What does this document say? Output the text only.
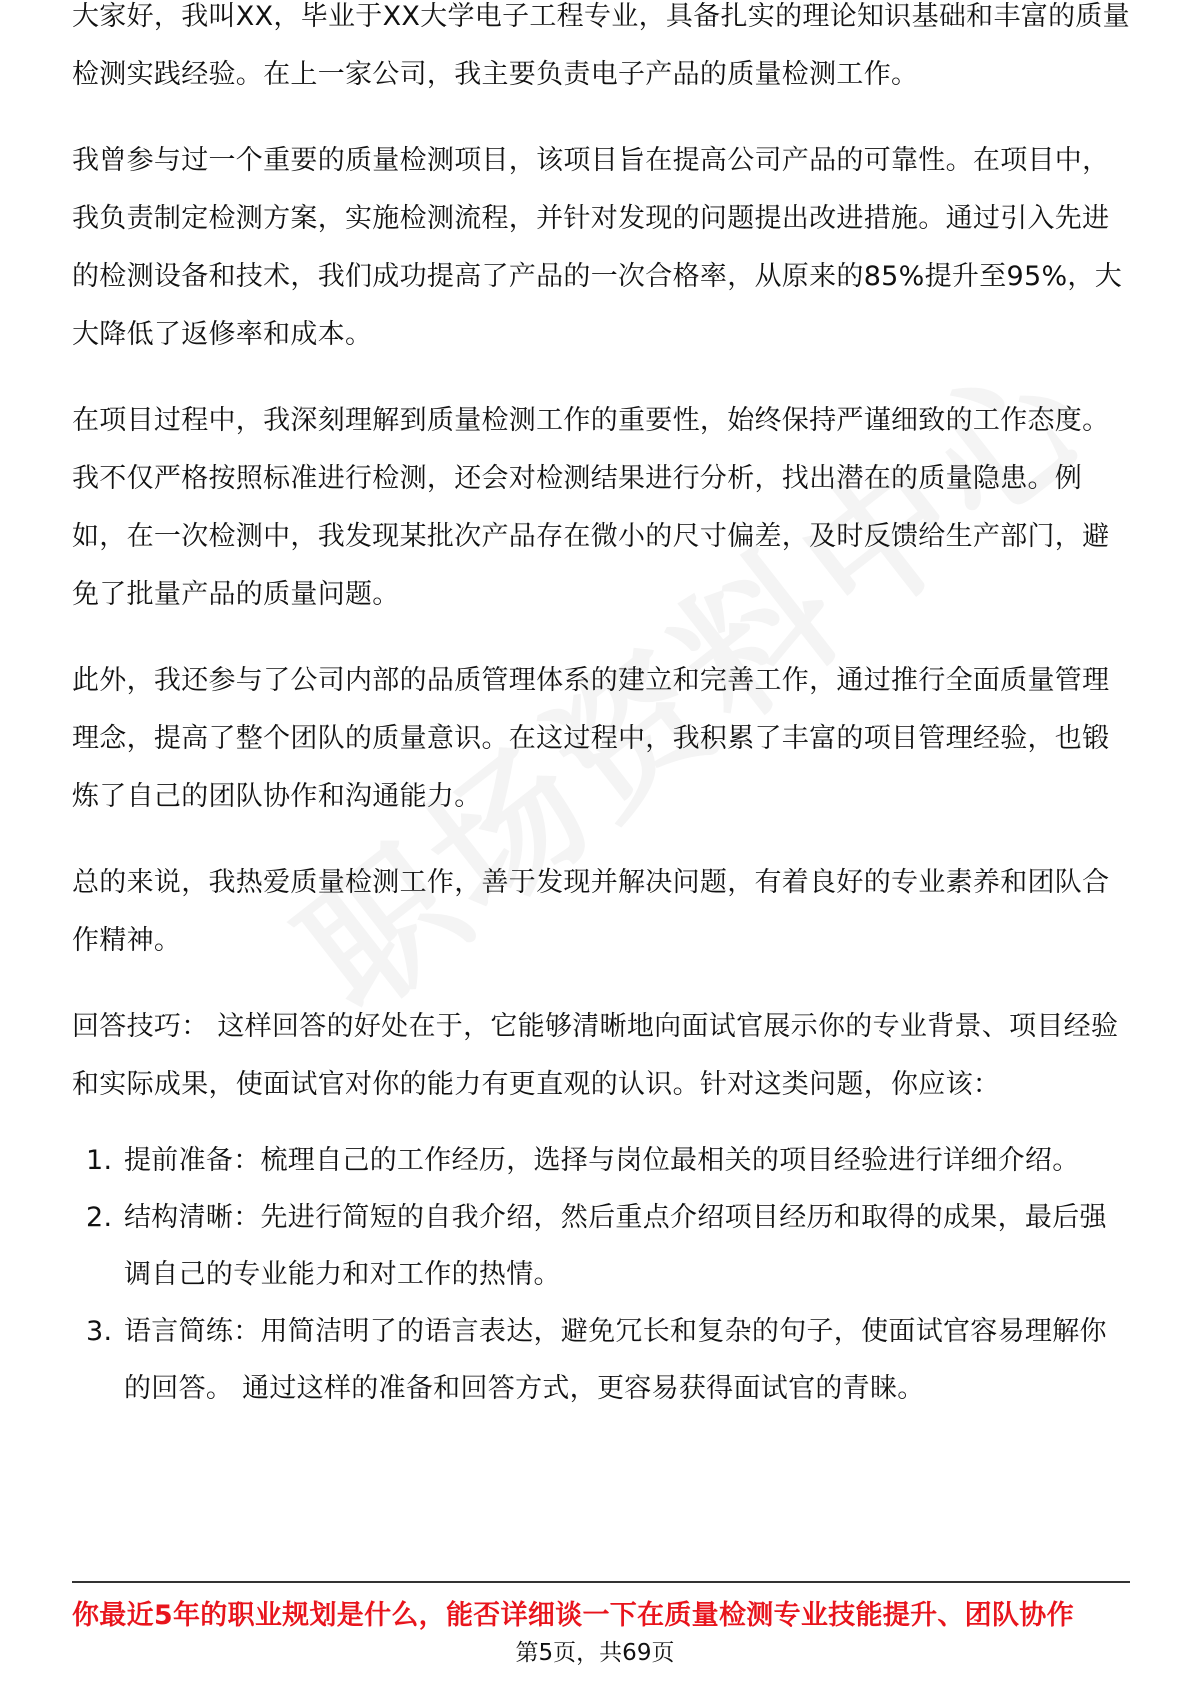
大家好，我叫XX，毕业于XX大学电子工程专业，具备扎实的理论知识基础和丰富的质量检测实践经验。在上一家公司，我主要负责电子产品的质量检测工作。

我曾参与过一个重要的质量检测项目，该项目旨在提高公司产品的可靠性。在项目中，我负责制定检测方案，实施检测流程，并针对发现的问题提出改进措施。通过引入先进的检测设备和技术，我们成功提高了产品的一次合格率，从原来的85%提升至95%，大大降低了返修率和成本。

在项目过程中，我深刻理解到质量检测工作的重要性，始终保持严谨细致的工作态度。我不仅严格按照标准进行检测，还会对检测结果进行分析，找出潜在的质量隐患。例如，在一次检测中，我发现某批次产品存在微小的尺寸偏差，及时反馈给生产部门，避免了批量产品的质量问题。

此外，我还参与了公司内部的品质管理体系的建立和完善工作，通过推行全面质量管理理念，提高了整个团队的质量意识。在这过程中，我积累了丰富的项目管理经验，也锻炼了自己的团队协作和沟通能力。

总的来说，我热爱质量检测工作，善于发现并解决问题，有着良好的专业素养和团队合作精神。

回答技巧： 这样回答的好处在于，它能够清晰地向面试官展示你的专业背景、项目经验和实际成果，使面试官对你的能力有更直观的认识。针对这类问题，你应该：

1. 提前准备：梳理自己的工作经历，选择与岗位最相关的项目经验进行详细介绍。
2. 结构清晰：先进行简短的自我介绍，然后重点介绍项目经历和取得的成果，最后强调自己的专业能力和对工作的热情。
3. 语言简练：用简洁明了的语言表达，避免冗长和复杂的句子，使面试官容易理解你的回答。 通过这样的准备和回答方式，更容易获得面试官的青睐。
你最近5年的职业规划是什么，能否详细谈一下在质量检测专业技能提升、团队协作
第5页，共69页
